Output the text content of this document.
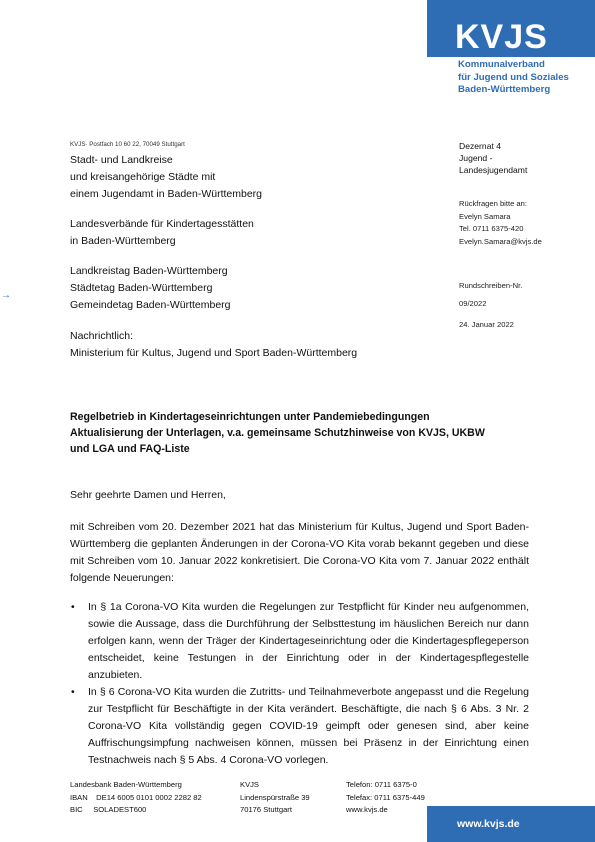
KVJS
Kommunalverband
für Jugend und Soziales
Baden-Württemberg
KVJS· Postfach 10 60 22, 70049 Stuttgart
Stadt- und Landkreise
und kreisangehörige Städte mit
einem Jugendamt in Baden-Württemberg
Landesverbände für Kindertagesstätten
in Baden-Württemberg
Landkreistag Baden-Württemberg
Städtetag Baden-Württemberg
Gemeindetag Baden-Württemberg
Nachrichtlich:
Ministerium für Kultus, Jugend und Sport Baden-Württemberg
→
Dezernat 4
Jugend -
Landesjugendamt
Rückfragen bitte an:
Evelyn Samara
Tel. 0711 6375-420
Evelyn.Samara@kvjs.de
Rundschreiben-Nr.
09/2022
24. Januar 2022
Regelbetrieb in Kindertageseinrichtungen unter Pandemiebedingungen
Aktualisierung der Unterlagen, v.a. gemeinsame Schutzhinweise von KVJS, UKBW
und LGA und FAQ-Liste
Sehr geehrte Damen und Herren,
mit Schreiben vom 20. Dezember 2021 hat das Ministerium für Kultus, Jugend und Sport Baden-Württemberg die geplanten Änderungen in der Corona-VO Kita vorab bekannt gegeben und diese mit Schreiben vom 10. Januar 2022 konkretisiert. Die Corona-VO Kita vom 7. Januar 2022 enthält folgende Neuerungen:
• In § 1a Corona-VO Kita wurden die Regelungen zur Testpflicht für Kinder neu aufgenommen, sowie die Aussage, dass die Durchführung der Selbsttestung im häuslichen Bereich nur dann erfolgen kann, wenn der Träger der Kindertageseinrichtung oder die Kindertagespflegeperson entscheidet, keine Testungen in der Einrichtung oder in der Kindertagespflegestelle anzubieten.
• In § 6 Corona-VO Kita wurden die Zutritts- und Teilnahmeverbote angepasst und die Regelung zur Testpflicht für Beschäftigte in der Kita verändert. Beschäftigte, die nach § 6 Abs. 3 Nr. 2 Corona-VO Kita vollständig gegen COVID-19 geimpft oder genesen sind, aber keine Auffrischungsimpfung nachweisen können, müssen bei Präsenz in der Einrichtung einen Testnachweis nach § 5 Abs. 4 Corona-VO vorlegen.
Landesbank Baden-Württemberg
IBAN    DE14 6005 0101 0002 2282 82
BIC     SOLADEST600
KVJS
Lindenspürstraße 39
70176 Stuttgart
Telefon: 0711 6375-0
Telefax: 0711 6375-449
www.kvjs.de
www.kvjs.de
